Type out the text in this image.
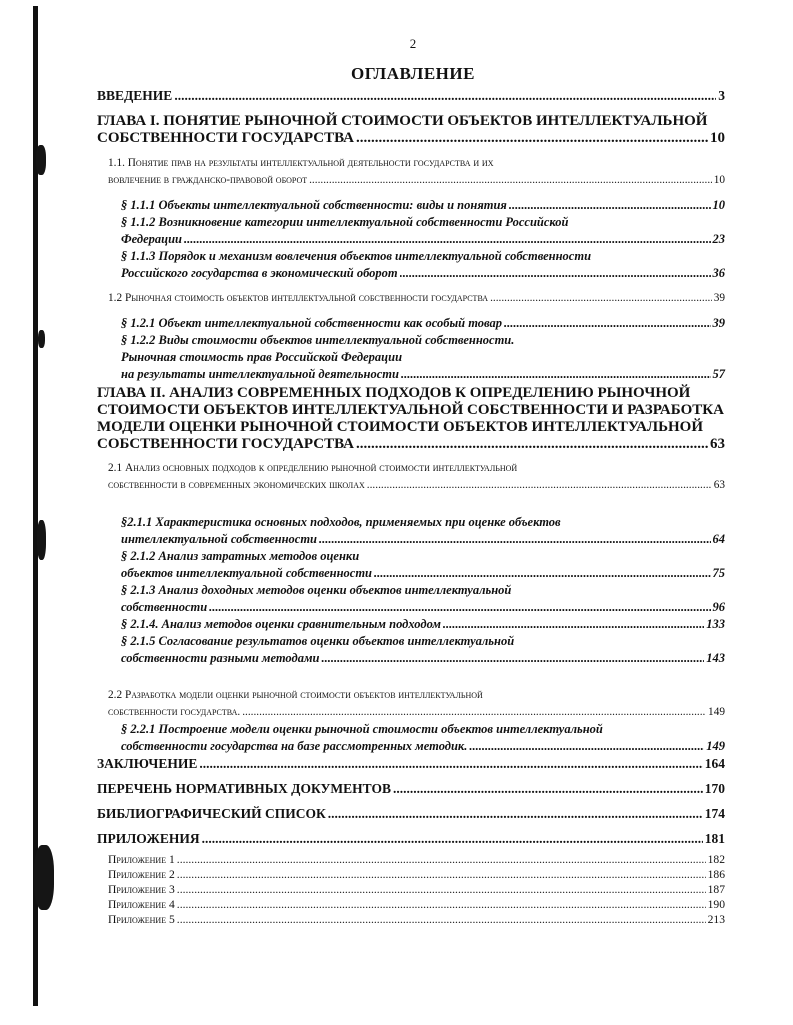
2
ОГЛАВЛЕНИЕ
ВВЕДЕНИЕ .....	3
ГЛАВА I. ПОНЯТИЕ РЫНОЧНОЙ СТОИМОСТИ ОБЪЕКТОВ ИНТЕЛЛЕКТУАЛЬНОЙ
СОБСТВЕННОСТИ ГОСУДАРСТВА .....	10
1.1. Понятие прав на результаты интеллектуальной деятельности государства и их
вовлечение в гражданско-правовой оборот .....	10
§ 1.1.1 Объекты интеллектуальной собственности: виды и понятия .....	10
§ 1.1.2 Возникновение категории интеллектуальной собственности Российской
Федерации .....	23
§ 1.1.3 Порядок и механизм вовлечения объектов интеллектуальной собственности
Российского государства в экономический оборот .....	36
1.2 Рыночная стоимость объектов интеллектуальной собственности государства .....	39
§ 1.2.1 Объект интеллектуальной собственности как особый товар .....	39
§ 1.2.2 Виды стоимости объектов интеллектуальной собственности.
Рыночная стоимость прав Российской Федерации
на результаты интеллектуальной деятельности .....	57
ГЛАВА II. АНАЛИЗ СОВРЕМЕННЫХ ПОДХОДОВ К ОПРЕДЕЛЕНИЮ РЫНОЧНОЙ
СТОИМОСТИ ОБЪЕКТОВ ИНТЕЛЛЕКТУАЛЬНОЙ СОБСТВЕННОСТИ И РАЗРАБОТКА
МОДЕЛИ ОЦЕНКИ РЫНОЧНОЙ СТОИМОСТИ ОБЪЕКТОВ ИНТЕЛЛЕКТУАЛЬНОЙ
СОБСТВЕННОСТИ ГОСУДАРСТВА .....	63
2.1 Анализ основных подходов к определению рыночной стоимости интеллектуальной
собственности в современных экономических школах .....	63
§2.1.1 Характеристика основных подходов, применяемых при оценке объектов
интеллектуальной собственности .....	64
§ 2.1.2 Анализ затратных методов оценки
объектов интеллектуальной собственности .....	75
§ 2.1.3 Анализ доходных методов оценки объектов интеллектуальной
собственности .....	96
§ 2.1.4. Анализ методов оценки сравнительным подходом .....	133
§ 2.1.5 Согласование результатов оценки объектов интеллектуальной
собственности разными методами .....	143
2.2 Разработка модели оценки рыночной стоимости объектов интеллектуальной
собственности государства. .....	149
§ 2.2.1 Построение модели оценки рыночной стоимости объектов интеллектуальной
собственности государства на базе рассмотренных методик. .....	149
ЗАКЛЮЧЕНИЕ .....	164
ПЕРЕЧЕНЬ НОРМАТИВНЫХ ДОКУМЕНТОВ .....	170
БИБЛИОГРАФИЧЕСКИЙ СПИСОК .....	174
ПРИЛОЖЕНИЯ .....	181
Приложение 1 .....	182
Приложение 2 .....	186
Приложение 3 .....	187
Приложение 4 .....	190
Приложение 5 .....	213
